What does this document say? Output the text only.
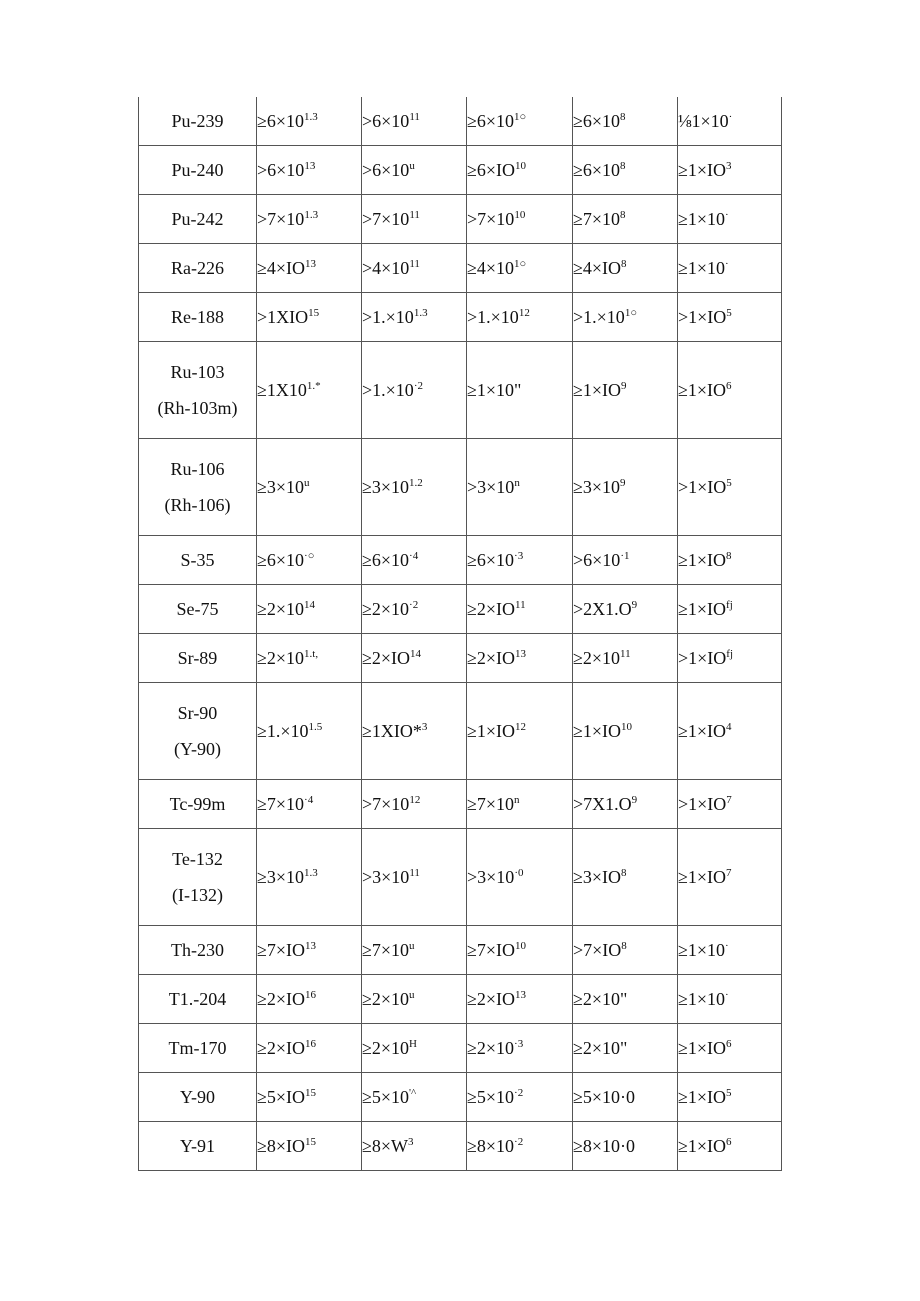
Pu-239	$\ge 6\times 10^{1.3}$	$>6\times 10^{11}$	$\ge 6\times 10^{1○}$	$\ge 6\times 10^8$	⅛1×10·

Pu-240	$>6\times 10^{13}$	$>6\times 10^u$	$\ge 6\times IO^{10}$	$\ge 6\times 10^8$	$\ge 1\times IO^3$

Pu-242	$>7\times 10^{1.3}$	$>7\times 10^{11}$	$>7\times 10^{10}$	$\ge 7\times 10^8$	≥1×10·

Ra-226	$\ge 4\times IO^{13}$	$>4\times 10^{11}$	$\ge 4\times 10^{1○}$	$\ge 4\times IO^8$	≥1×10·

Re-188	$>1XIO^{15}$	$>1.\times 10^{1.3}$	$>1.\times 10^{12}$	$>1.\times 10^{1○}$	$>1\times IO^5$

Ru-103
(Rh-103m)	$\ge 1X10^{1.*}$	$>1.\times 10^{\cdot 2}$	≥1×10"	$\ge 1\times IO^9$	$\ge 1\times IO^6$

Ru-106
(Rh-106)	$\ge 3\times 10^u$	$\ge 3\times 10^{1.2}$	$>3\times 10^n$	$\ge 3\times 10^9$	$>1\times IO^5$

S-35	≥6×10·○	$\ge 6\times 10^{\cdot 4}$	$\ge 6\times 10^{\cdot 3}$	$>6\times 10^{\cdot 1}$	$\ge 1\times IO^8$

Se-75	$\ge 2\times 10^{14}$	$\ge 2\times 10^{\cdot 2}$	$\ge 2\times IO^{11}$	$>2X1.O^9$	$\ge 1\times IO^{fj}$

Sr-89	$\ge 2\times 10^{1.t,}$	$\ge 2\times IO^{14}$	$\ge 2\times IO^{13}$	$\ge 2\times 10^{11}$	$>1\times IO^{fj}$

Sr-90
(Y-90)	$\ge 1.\times 10^{1.5}$	≥1XIO*$^3$	$\ge 1\times IO^{12}$	$\ge 1\times IO^{10}$	$\ge 1\times IO^4$

Tc-99m	$\ge 7\times 10^{\cdot 4}$	$>7\times 10^{12}$	$\ge 7\times 10^n$	$>7X1.O^9$	$>1\times IO^7$

Te-132
(I-132)	$\ge 3\times 10^{1.3}$	$>3\times 10^{11}$	$>3\times 10^{\cdot 0}$	$\ge 3\times IO^8$	$\ge 1\times IO^7$

Th-230	$\ge 7\times IO^{13}$	$\ge 7\times 10^u$	$\ge 7\times IO^{10}$	$>7\times IO^8$	≥1×10·

T1.-204	$\ge 2\times IO^{16}$	$\ge 2\times 10^u$	$\ge 2\times IO^{13}$	≥2×10"	≥1×10·

Tm-170	$\ge 2\times IO^{16}$	$\ge 2\times 10^H$	$\ge 2\times 10^{\cdot 3}$	≥2×10"	$\ge 1\times IO^6$

Y-90	$\ge 5\times IO^{15}$	≥5×10'^	$\ge 5\times 10^{\cdot 2}$	≥5×10·0	$\ge 1\times IO^5$

Y-91	$\ge 8\times IO^{15}$	$\ge 8\times W^3$	$\ge 8\times 10^{\cdot 2}$	≥8×10·0	$\ge 1\times IO^6$
